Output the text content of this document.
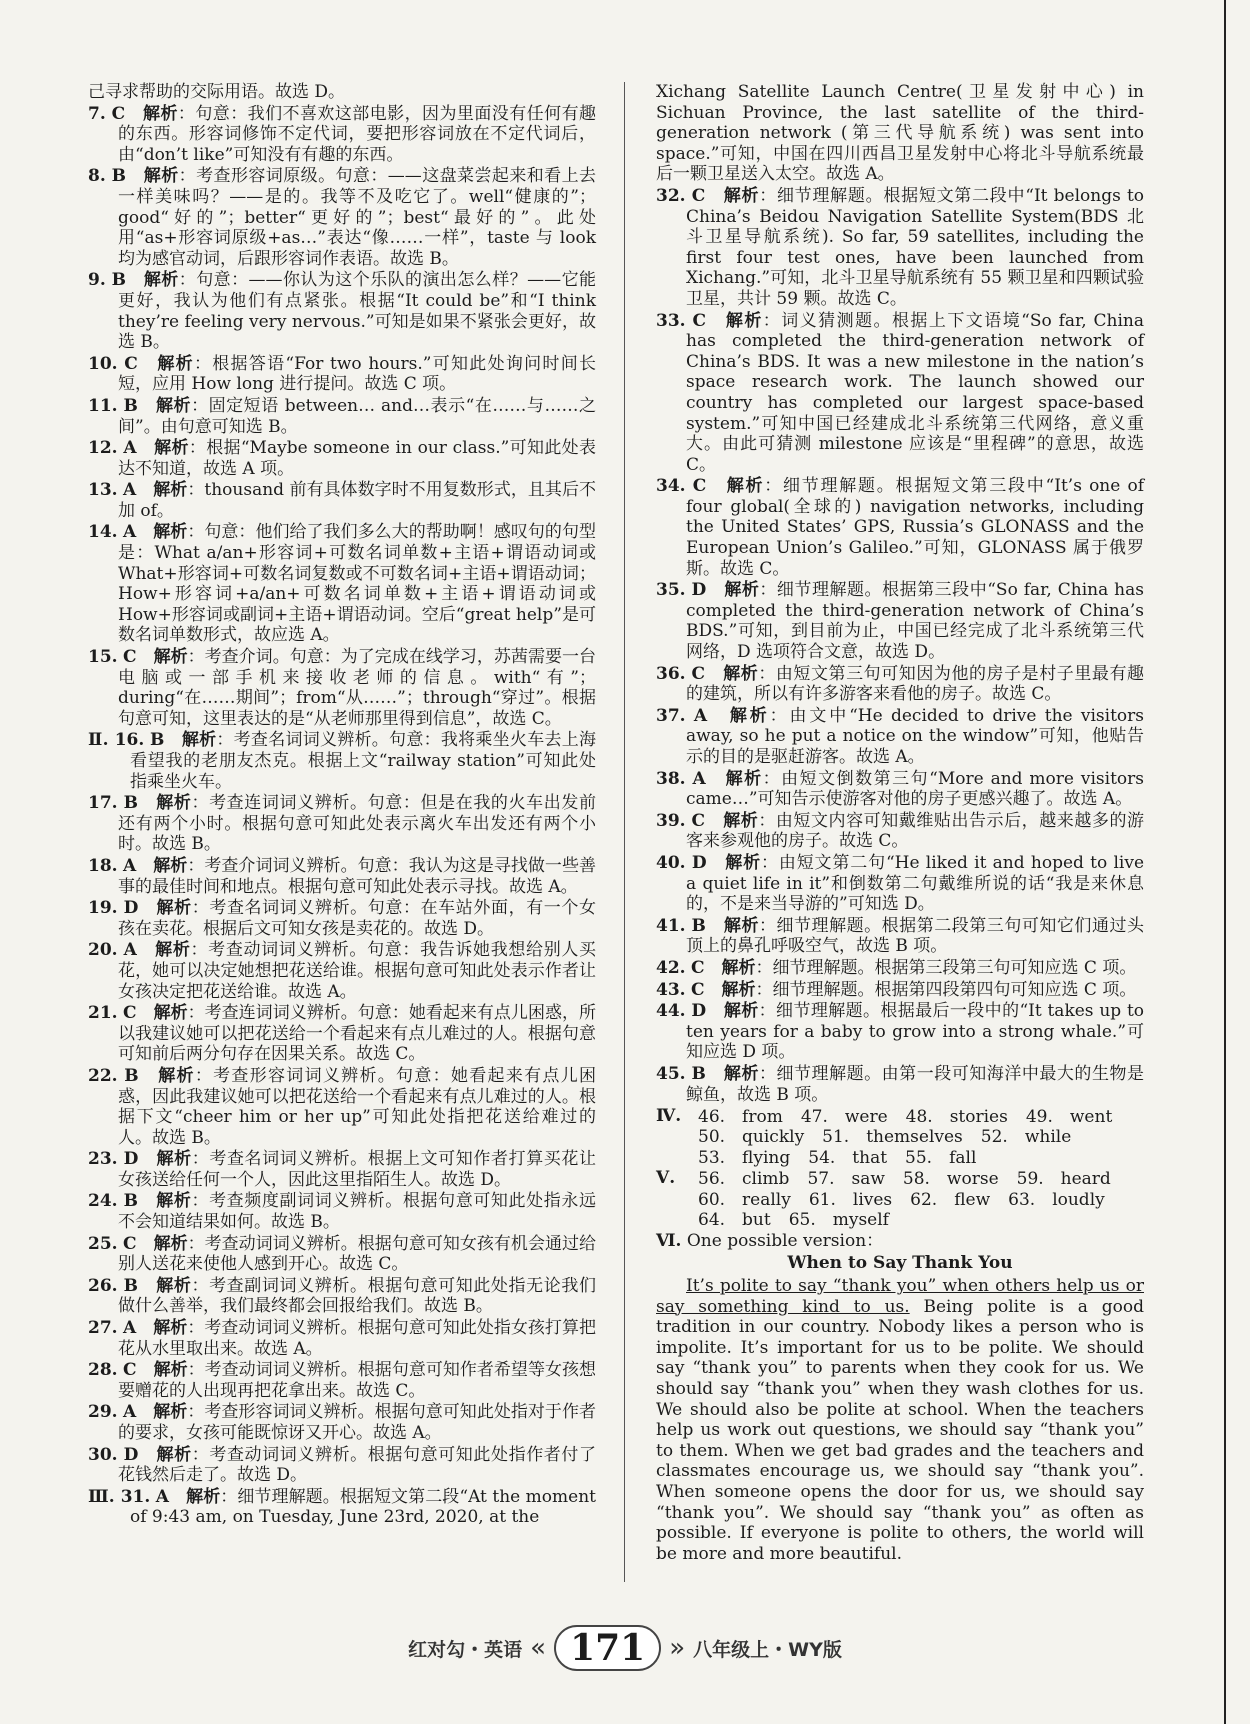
己寻求帮助的交际用语。故选 D。

7. C　解析：句意：我们不喜欢这部电影，因为里面没有任何有趣的东西。形容词修饰不定代词，要把形容词放在不定代词后，由“don’t like”可知没有有趣的东西。

8. B　解析：考查形容词原级。句意：——这盘菜尝起来和看上去一样美味吗？——是的。我等不及吃它了。well“健康的”；good“好的”；better“更好的”；best“最好的”。此处用“as+形容词原级+as…”表达“像……一样”，taste 与 look 均为感官动词，后跟形容词作表语。故选 B。

9. B　解析：句意：——你认为这个乐队的演出怎么样？——它能更好，我认为他们有点紧张。根据“It could be”和“I think they’re feeling very nervous.”可知是如果不紧张会更好，故选 B。

10. C　解析：根据答语“For two hours.”可知此处询问时间长短，应用 How long 进行提问。故选 C 项。

11. B　解析：固定短语 between… and…表示“在……与……之间”。由句意可知选 B。

12. A　解析：根据“Maybe someone in our class.”可知此处表达不知道，故选 A 项。

13. A　解析：thousand 前有具体数字时不用复数形式，且其后不加 of。

14. A　解析：句意：他们给了我们多么大的帮助啊！感叹句的句型是：What a/an+形容词+可数名词单数+主语+谓语动词或 What+形容词+可数名词复数或不可数名词+主语+谓语动词；How+形容词+a/an+可数名词单数+主语+谓语动词或 How+形容词或副词+主语+谓语动词。空后“great help”是可数名词单数形式，故应选 A。

15. C　解析：考查介词。句意：为了完成在线学习，苏茜需要一台电脑或一部手机来接收老师的信息。with“有”；during“在……期间”；from“从……”；through“穿过”。根据句意可知，这里表达的是“从老师那里得到信息”，故选 C。

Ⅱ. 16. B　解析：考查名词词义辨析。句意：我将乘坐火车去上海看望我的老朋友杰克。根据上文“railway station”可知此处指乘坐火车。

17. B　解析：考查连词词义辨析。句意：但是在我的火车出发前还有两个小时。根据句意可知此处表示离火车出发还有两个小时。故选 B。

18. A　解析：考查介词词义辨析。句意：我认为这是寻找做一些善事的最佳时间和地点。根据句意可知此处表示寻找。故选 A。

19. D　解析：考查名词词义辨析。句意：在车站外面，有一个女孩在卖花。根据后文可知女孩是卖花的。故选 D。

20. A　解析：考查动词词义辨析。句意：我告诉她我想给别人买花，她可以决定她想把花送给谁。根据句意可知此处表示作者让女孩决定把花送给谁。故选 A。

21. C　解析：考查连词词义辨析。句意：她看起来有点儿困惑，所以我建议她可以把花送给一个看起来有点儿难过的人。根据句意可知前后两分句存在因果关系。故选 C。

22. B　解析：考查形容词词义辨析。句意：她看起来有点儿困惑，因此我建议她可以把花送给一个看起来有点儿难过的人。根据下文“cheer him or her up”可知此处指把花送给难过的人。故选 B。

23. D　解析：考查名词词义辨析。根据上文可知作者打算买花让女孩送给任何一个人，因此这里指陌生人。故选 D。

24. B　解析：考查频度副词词义辨析。根据句意可知此处指永远不会知道结果如何。故选 B。

25. C　解析：考查动词词义辨析。根据句意可知女孩有机会通过给别人送花来使他人感到开心。故选 C。

26. B　解析：考查副词词义辨析。根据句意可知此处指无论我们做什么善举，我们最终都会回报给我们。故选 B。

27. A　解析：考查动词词义辨析。根据句意可知此处指女孩打算把花从水里取出来。故选 A。

28. C　解析：考查动词词义辨析。根据句意可知作者希望等女孩想要赠花的人出现再把花拿出来。故选 C。

29. A　解析：考查形容词词义辨析。根据句意可知此处指对于作者的要求，女孩可能既惊讶又开心。故选 A。

30. D　解析：考查动词词义辨析。根据句意可知此处指作者付了花钱然后走了。故选 D。

Ⅲ. 31. A　解析：细节理解题。根据短文第二段“At the moment of 9:43 am, on Tuesday, June 23rd, 2020, at the

Xichang Satellite Launch Centre(卫星发射中心) in Sichuan Province, the last satellite of the third-generation network (第三代导航系统) was sent into space.”可知，中国在四川西昌卫星发射中心将北斗导航系统最后一颗卫星送入太空。故选 A。

32. C　解析：细节理解题。根据短文第二段中“It belongs to China’s Beidou Navigation Satellite System(BDS 北斗卫星导航系统). So far, 59 satellites, including the first four test ones, have been launched from Xichang.”可知，北斗卫星导航系统有 55 颗卫星和四颗试验卫星，共计 59 颗。故选 C。

33. C　解析：词义猜测题。根据上下文语境“So far, China has completed the third-generation network of China’s BDS. It was a new milestone in the nation’s space research work. The launch showed our country has completed our largest space-based system.”可知中国已经建成北斗系统第三代网络，意义重大。由此可猜测 milestone 应该是“里程碑”的意思，故选 C。

34. C　解析：细节理解题。根据短文第三段中“It’s one of four global(全球的) navigation networks, including the United States’ GPS, Russia’s GLONASS and the European Union’s Galileo.”可知，GLONASS 属于俄罗斯。故选 C。

35. D　解析：细节理解题。根据第三段中“So far, China has completed the third-generation network of China’s BDS.”可知，到目前为止，中国已经完成了北斗系统第三代网络，D 选项符合文意，故选 D。

36. C　解析：由短文第三句可知因为他的房子是村子里最有趣的建筑，所以有许多游客来看他的房子。故选 C。

37. A　解析：由文中“He decided to drive the visitors away, so he put a notice on the window”可知，他贴告示的目的是驱赶游客。故选 A。

38. A　解析：由短文倒数第三句“More and more visitors came…”可知告示使游客对他的房子更感兴趣了。故选 A。

39. C　解析：由短文内容可知戴维贴出告示后，越来越多的游客来参观他的房子。故选 C。

40. D　解析：由短文第二句“He liked it and hoped to live a quiet life in it”和倒数第二句戴维所说的话“我是来休息的，不是来当导游的”可知选 D。

41. B　解析：细节理解题。根据第二段第三句可知它们通过头顶上的鼻孔呼吸空气，故选 B 项。

42. C　解析：细节理解题。根据第三段第三句可知应选 C 项。

43. C　解析：细节理解题。根据第四段第四句可知应选 C 项。

44. D　解析：细节理解题。根据最后一段中的“It takes up to ten years for a baby to grow into a strong whale.”可知应选 D 项。

45. B　解析：细节理解题。由第一段可知海洋中最大的生物是鲸鱼，故选 B 项。

Ⅳ. 46.　from 47.　were 48.　stories 49.　went
50.　quickly 51.　themselves 52.　while
53.　flying 54.　that 55.　fall
Ⅴ.	56.　climb 57.　saw 58.　worse 59.　heard
60.　really 61.　lives 62.　flew 63.　loudly
64.　but 65.　myself
Ⅵ. One possible version：
When to Say Thank You

It’s polite to say “thank you” when others help us or say something kind to us. Being polite is a good tradition in our country. Nobody likes a person who is impolite. It’s important for us to be polite. We should say “thank you” to parents when they cook for us. We should say “thank you” when they wash clothes for us. We should also be polite at school. When the teachers help us work out questions, we should say “thank you” to them. When we get bad grades and the teachers and classmates encourage us, we should say “thank you”. When someone opens the door for us, we should say “thank you”. We should say “thank you” as often as possible. If everyone is polite to others, the world will be more and more beautiful.

红对勾・英语 « 171 » 八年级上・WY版
